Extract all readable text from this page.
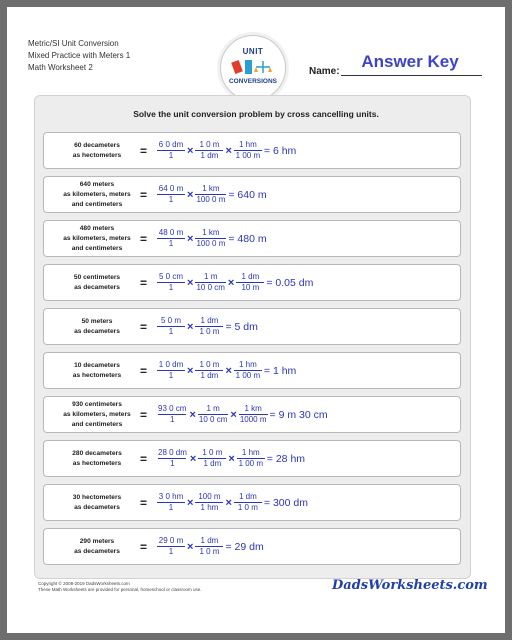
Metric/SI Unit Conversion
Mixed Practice with Meters 1
Math Worksheet 2
UNIT
CONVERSIONS
Name:
Answer Key
Solve the unit conversion problem by cross cancelling units.
60 decameters
as hectometers = $\frac{6 0 dm}{1} \times \frac{1 0 m}{1 dm} \times \frac{1 hm}{1 00 m} = 6$ hm
640 meters
as kilometers, meters
and centimeters
= $\frac{64 0 m}{1} \times \frac{1 km}{100 0 m} = 640$ m
480 meters
as kilometers, meters
and centimeters
= $\frac{48 0 m}{1} \times \frac{1 km}{100 0 m} = 480$ m
50 centimeters
as decameters = $\frac{5 0 cm}{1} \times \frac{1 m}{10 0 cm} \times \frac{1 dm}{10 m} = 0.05$ dm
50 meters
as decameters = $\frac{5 0 m}{1} \times \frac{1 dm}{1 0 m} = 5$ dm
10 decameters
as hectometers = $\frac{1 0 dm}{1} \times \frac{1 0 m}{1 dm} \times \frac{1 hm}{1 00 m} = 1$ hm
930 centimeters
as kilometers, meters
and centimeters
= $\frac{93 0 cm}{1} \times \frac{1 m}{10 0 cm} \times \frac{1 km}{1000 m} = 9$ m 30 cm
280 decameters
as hectometers = $\frac{28 0 dm}{1} \times \frac{1 0 m}{1 dm} \times \frac{1 hm}{1 00 m} = 28$ hm
30 hectometers
as decameters = $\frac{3 0 hm}{1} \times \frac{100 m}{1 hm} \times \frac{1 dm}{1 0 m} = 300$ dm
290 meters
as decameters = $\frac{29 0 m}{1} \times \frac{1 dm}{1 0 m} = 29$ dm
Copyright © 2008-2019 DadsWorksheets.com
These Math Worksheets are provided for personal, homeschool or classroom use.	DadsWorksheets.com
